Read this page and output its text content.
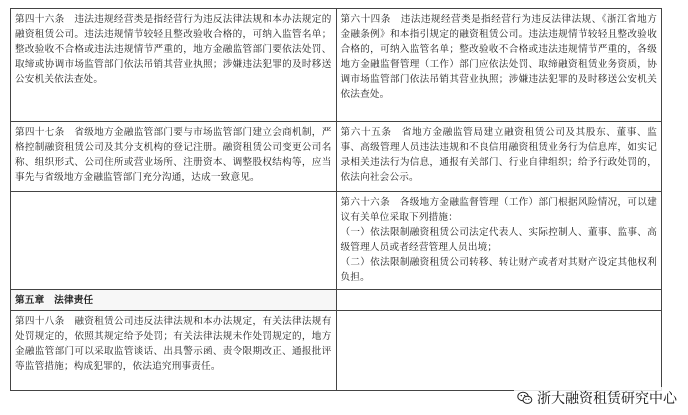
第四十六条　违法违规经营类是指经营行为违反法律法规和本办法规定的融资租赁公司。违法违规情节较轻且整改验收合格的，可纳入监管名单；整改验收不合格或违法违规情节严重的，地方金融监管部门要依法处罚、取缔或协调市场监管部门依法吊销其营业执照；涉嫌违法犯罪的及时移送公安机关依法查处。	第六十四条　违法违规经营类是指经营行为违反法律法规、《浙江省地方金融条例》和本指引规定的融资租赁公司。违法违规情节较轻且整改验收合格的，可纳入监管名单；整改验收不合格或违法违规情节严重的，各级地方金融监督管理（工作）部门应依法处罚、取缔融资租赁业务资质，协调市场监管部门依法吊销其营业执照；涉嫌违法犯罪的及时移送公安机关依法查处。
第四十七条　省级地方金融监管部门要与市场监管部门建立会商机制，严格控制融资租赁公司及其分支机构的登记注册。融资租赁公司变更公司名称、组织形式、公司住所或营业场所、注册资本、调整股权结构等，应当事先与省级地方金融监管部门充分沟通，达成一致意见。	第六十五条　省地方金融监管局建立融资租赁公司及其股东、董事、监事、高级管理人员违法违规和不良信用融资租赁业务行为信息库，如实记录相关违法行为信息，通报有关部门、行业自律组织；给予行政处罚的，依法向社会公示。

	第六十六条　各级地方金融监督管理（工作）部门根据风险情况，可以建议有关单位采取下列措施：
（一）依法限制融资租赁公司法定代表人、实际控制人、董事、监事、高级管理人员或者经营管理人员出境；
（二）依法限制融资租赁公司转移、转让财产或者对其财产设定其他权利负担。

第五章　法律责任	
第四十八条　融资租赁公司违反法律法规和本办法规定，有关法律法规有处罚规定的，依照其规定给予处罚；有关法律法规未作处罚规定的，地方金融监管部门可以采取监管谈话、出具警示函、责令限期改正、通报批评等监管措施；构成犯罪的，依法追究刑事责任。	
浙大融资租赁研究中心
